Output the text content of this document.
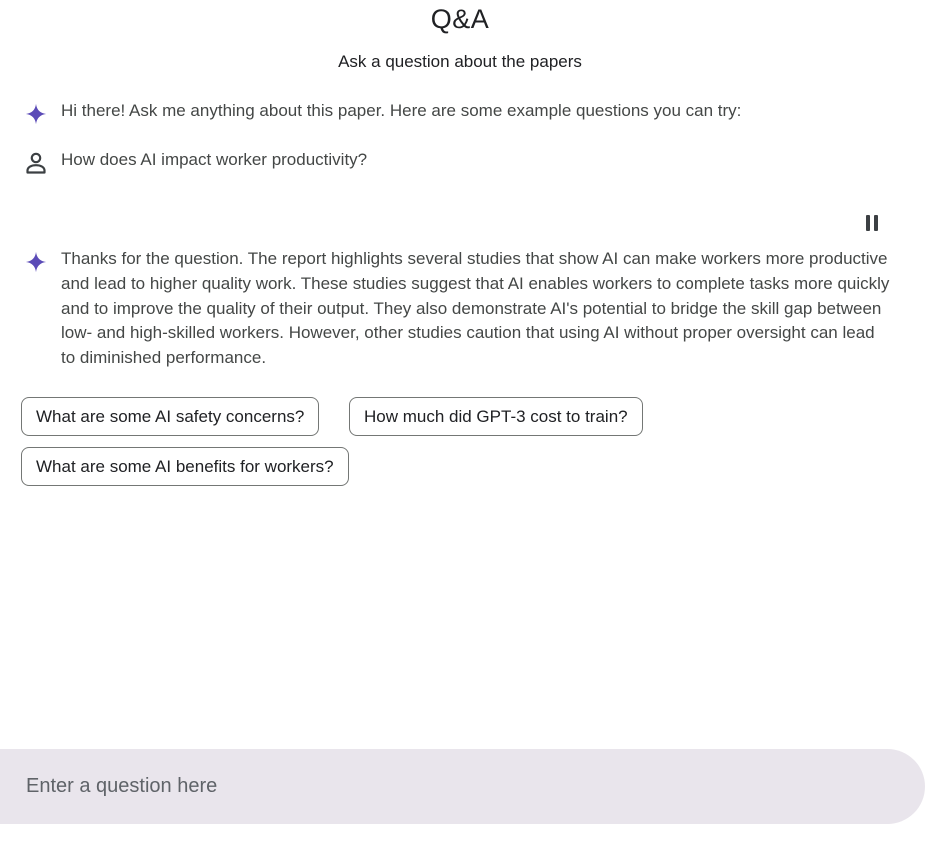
Q&A
Ask a question about the papers
Hi there! Ask me anything about this paper. Here are some example questions you can try:
How does AI impact worker productivity?
Thanks for the question. The report highlights several studies that show AI can make workers more productive and lead to higher quality work. These studies suggest that AI enables workers to complete tasks more quickly and to improve the quality of their output. They also demonstrate AI's potential to bridge the skill gap between low- and high-skilled workers. However, other studies caution that using AI without proper oversight can lead to diminished performance.
What are some AI safety concerns?	How much did GPT-3 cost to train?
What are some AI benefits for workers?
Enter a question here
